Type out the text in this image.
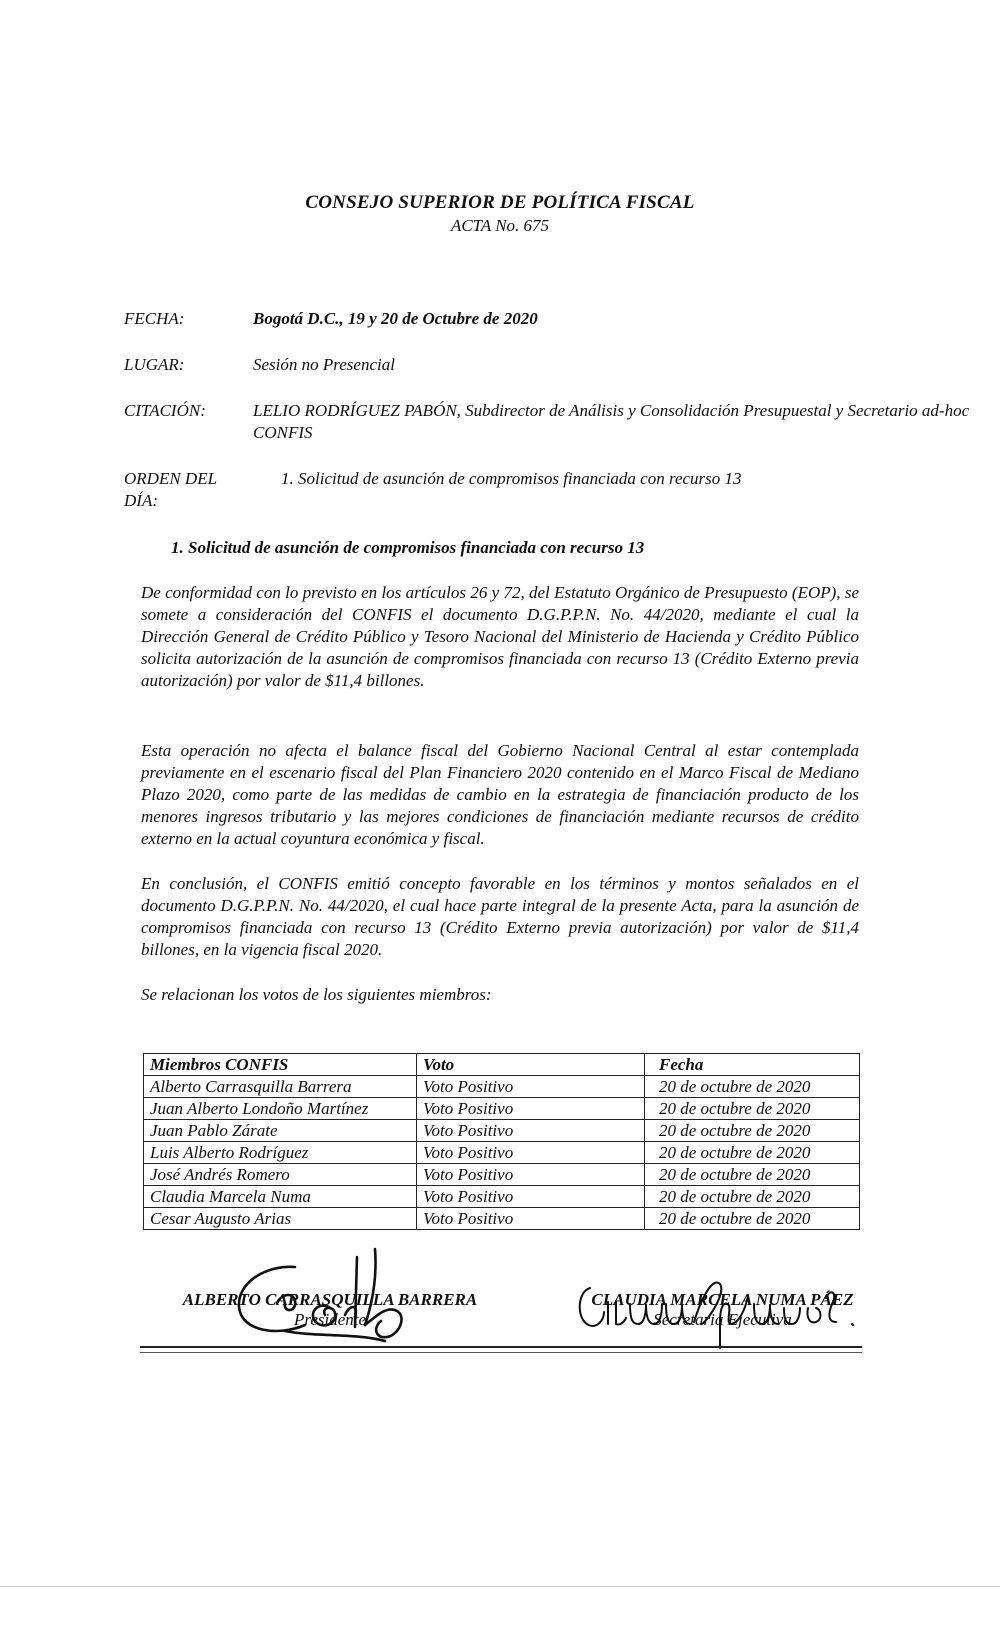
CONSEJO SUPERIOR DE POLÍTICA FISCAL
ACTA No. 675
FECHA:	Bogotá D.C., 19 y 20 de Octubre de 2020
LUGAR:	Sesión no Presencial
CITACIÓN:	LELIO RODRÍGUEZ PABÓN, Subdirector de Análisis y Consolidación Presupuestal y Secretario ad-hoc CONFIS
ORDEN DEL DÍA:
1. Solicitud de asunción de compromisos financiada con recurso 13
1. Solicitud de asunción de compromisos financiada con recurso 13
De conformidad con lo previsto en los artículos 26 y 72, del Estatuto Orgánico de Presupuesto (EOP), se somete a consideración del CONFIS el documento D.G.P.P.N. No. 44/2020, mediante el cual la Dirección General de Crédito Público y Tesoro Nacional del Ministerio de Hacienda y Crédito Público solicita autorización de la asunción de compromisos financiada con recurso 13 (Crédito Externo previa autorización) por valor de $11,4 billones.
Esta operación no afecta el balance fiscal del Gobierno Nacional Central al estar contemplada previamente en el escenario fiscal del Plan Financiero 2020 contenido en el Marco Fiscal de Mediano Plazo 2020, como parte de las medidas de cambio en la estrategia de financiación producto de los menores ingresos tributario y las mejores condiciones de financiación mediante recursos de crédito externo en la actual coyuntura económica y fiscal.
En conclusión, el CONFIS emitió concepto favorable en los términos y montos señalados en el documento D.G.P.P.N. No. 44/2020, el cual hace parte integral de la presente Acta, para la asunción de compromisos financiada con recurso 13 (Crédito Externo previa autorización) por valor de $11,4 billones, en la vigencia fiscal 2020.
Se relacionan los votos de los siguientes miembros:
Miembros CONFIS	Voto	Fecha
Alberto Carrasquilla Barrera	Voto Positivo	20 de octubre de 2020
Juan Alberto Londoño Martínez	Voto Positivo	20 de octubre de 2020
Juan Pablo Zárate	Voto Positivo	20 de octubre de 2020
Luis Alberto Rodríguez	Voto Positivo	20 de octubre de 2020
José Andrés Romero	Voto Positivo	20 de octubre de 2020
Claudia Marcela Numa	Voto Positivo	20 de octubre de 2020
Cesar Augusto Arias	Voto Positivo	20 de octubre de 2020
ALBERTO CARRASQUILLA BARRERA
Presidente
CLAUDIA MARCELA NUMA PÁEZ
Secretaria Ejecutiva
